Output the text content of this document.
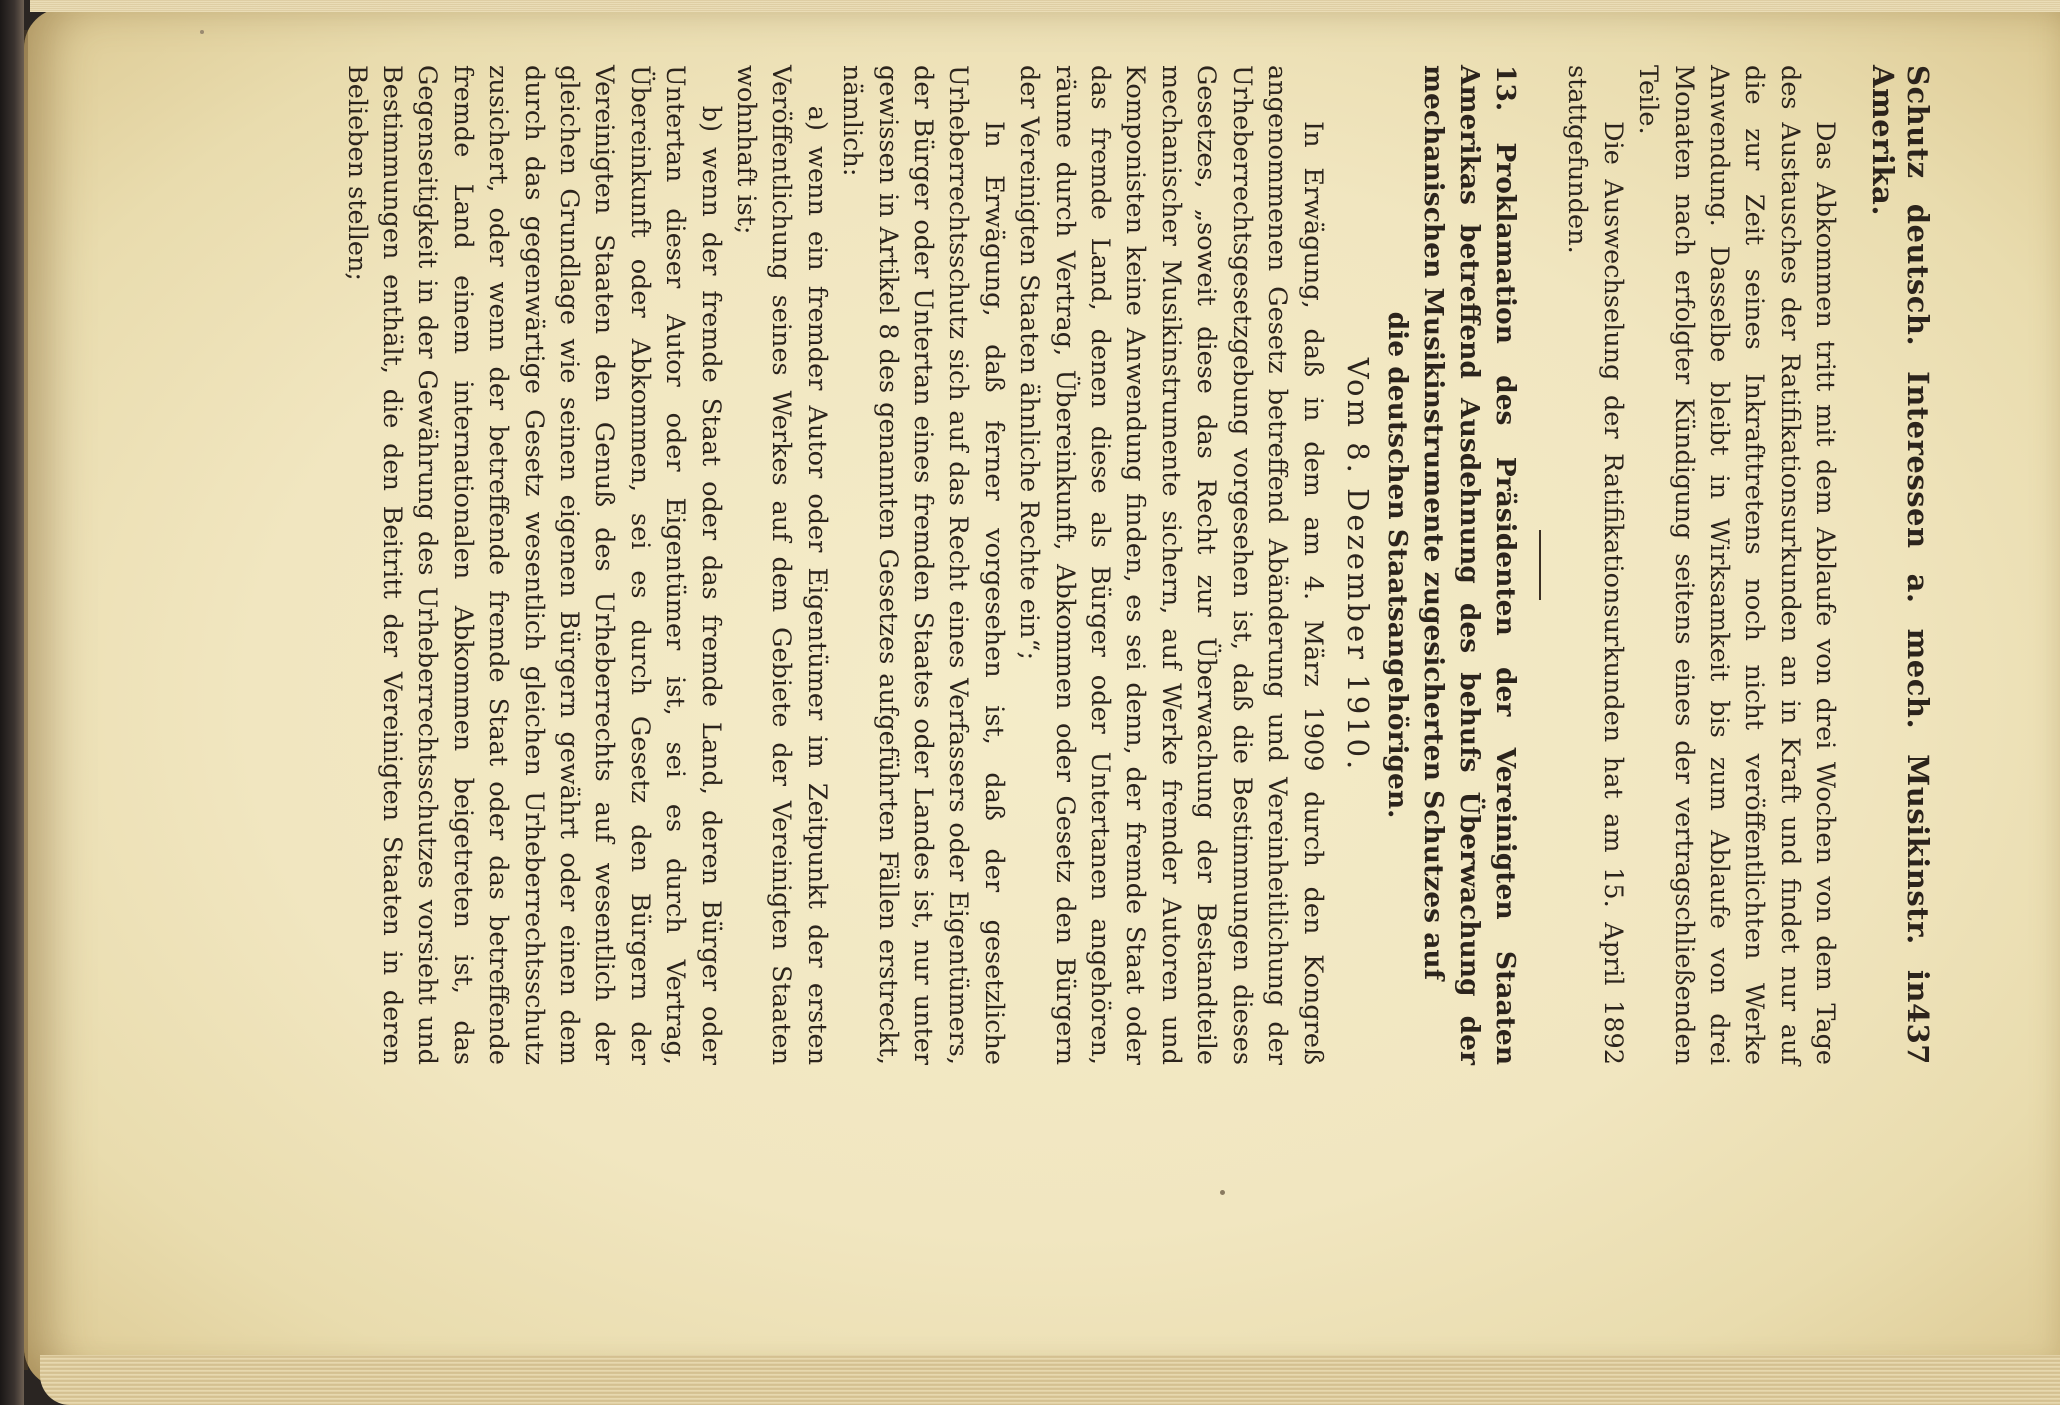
Schutz deutsch. Interessen a. mech. Musikinstr. in Amerika.
437

Das Abkommen tritt mit dem Ablaufe von drei Wochen von dem Tage des Austausches der Ratifikationsurkunden an in Kraft und findet nur auf die zur Zeit seines Inkrafttretens noch nicht veröffentlichten Werke Anwendung. Dasselbe bleibt in Wirksamkeit bis zum Ablaufe von drei Monaten nach erfolgter Kündigung seitens eines der vertragschließenden Teile.

Die Auswechselung der Ratifikationsurkunden hat am 15. April 1892 stattgefunden.

13. Proklamation des Präsidenten der Vereinigten Staaten Amerikas betreffend Ausdehnung des behufs Überwachung der mechanischen Musikinstrumente zugesicherten Schutzes auf

die deutschen Staatsangehörigen.

Vom 8. Dezember 1910.

In Erwägung, daß in dem am 4. März 1909 durch den Kongreß angenommenen Gesetz betreffend Abänderung und Vereinheitlichung der Urheberrechtsgesetzgebung vorgesehen ist, daß die Bestimmungen dieses Gesetzes, „soweit diese das Recht zur Überwachung der Bestandteile mechanischer Musikinstrumente sichern, auf Werke fremder Autoren und Komponisten keine Anwendung finden, es sei denn, der fremde Staat oder das fremde Land, denen diese als Bürger oder Untertanen angehören, räume durch Vertrag, Übereinkunft, Abkommen oder Gesetz den Bürgern der Vereinigten Staaten ähnliche Rechte ein“;

In Erwägung, daß ferner vorgesehen ist, daß der gesetzliche Urheberrechtsschutz sich auf das Recht eines Verfassers oder Eigentümers, der Bürger oder Untertan eines fremden Staates oder Landes ist, nur unter gewissen in Artikel 8 des genannten Gesetzes aufgeführten Fällen erstreckt, nämlich:

a) wenn ein fremder Autor oder Eigentümer im Zeitpunkt der ersten Veröffentlichung seines Werkes auf dem Gebiete der Vereinigten Staaten wohnhaft ist;

b) wenn der fremde Staat oder das fremde Land, deren Bürger oder Untertan dieser Autor oder Eigentümer ist, sei es durch Vertrag, Übereinkunft oder Abkommen, sei es durch Gesetz den Bürgern der Vereinigten Staaten den Genuß des Urheberrechts auf wesentlich der gleichen Grundlage wie seinen eigenen Bürgern gewährt oder einen dem durch das gegenwärtige Gesetz wesentlich gleichen Urheberrechtsschutz zusichert, oder wenn der betreffende fremde Staat oder das betreffende fremde Land einem internationalen Abkommen beigetreten ist, das Gegenseitigkeit in der Gewährung des Urheberrechtsschutzes vorsieht und Bestimmungen enthält, die den Beitritt der Vereinigten Staaten in deren Belieben stellen;
